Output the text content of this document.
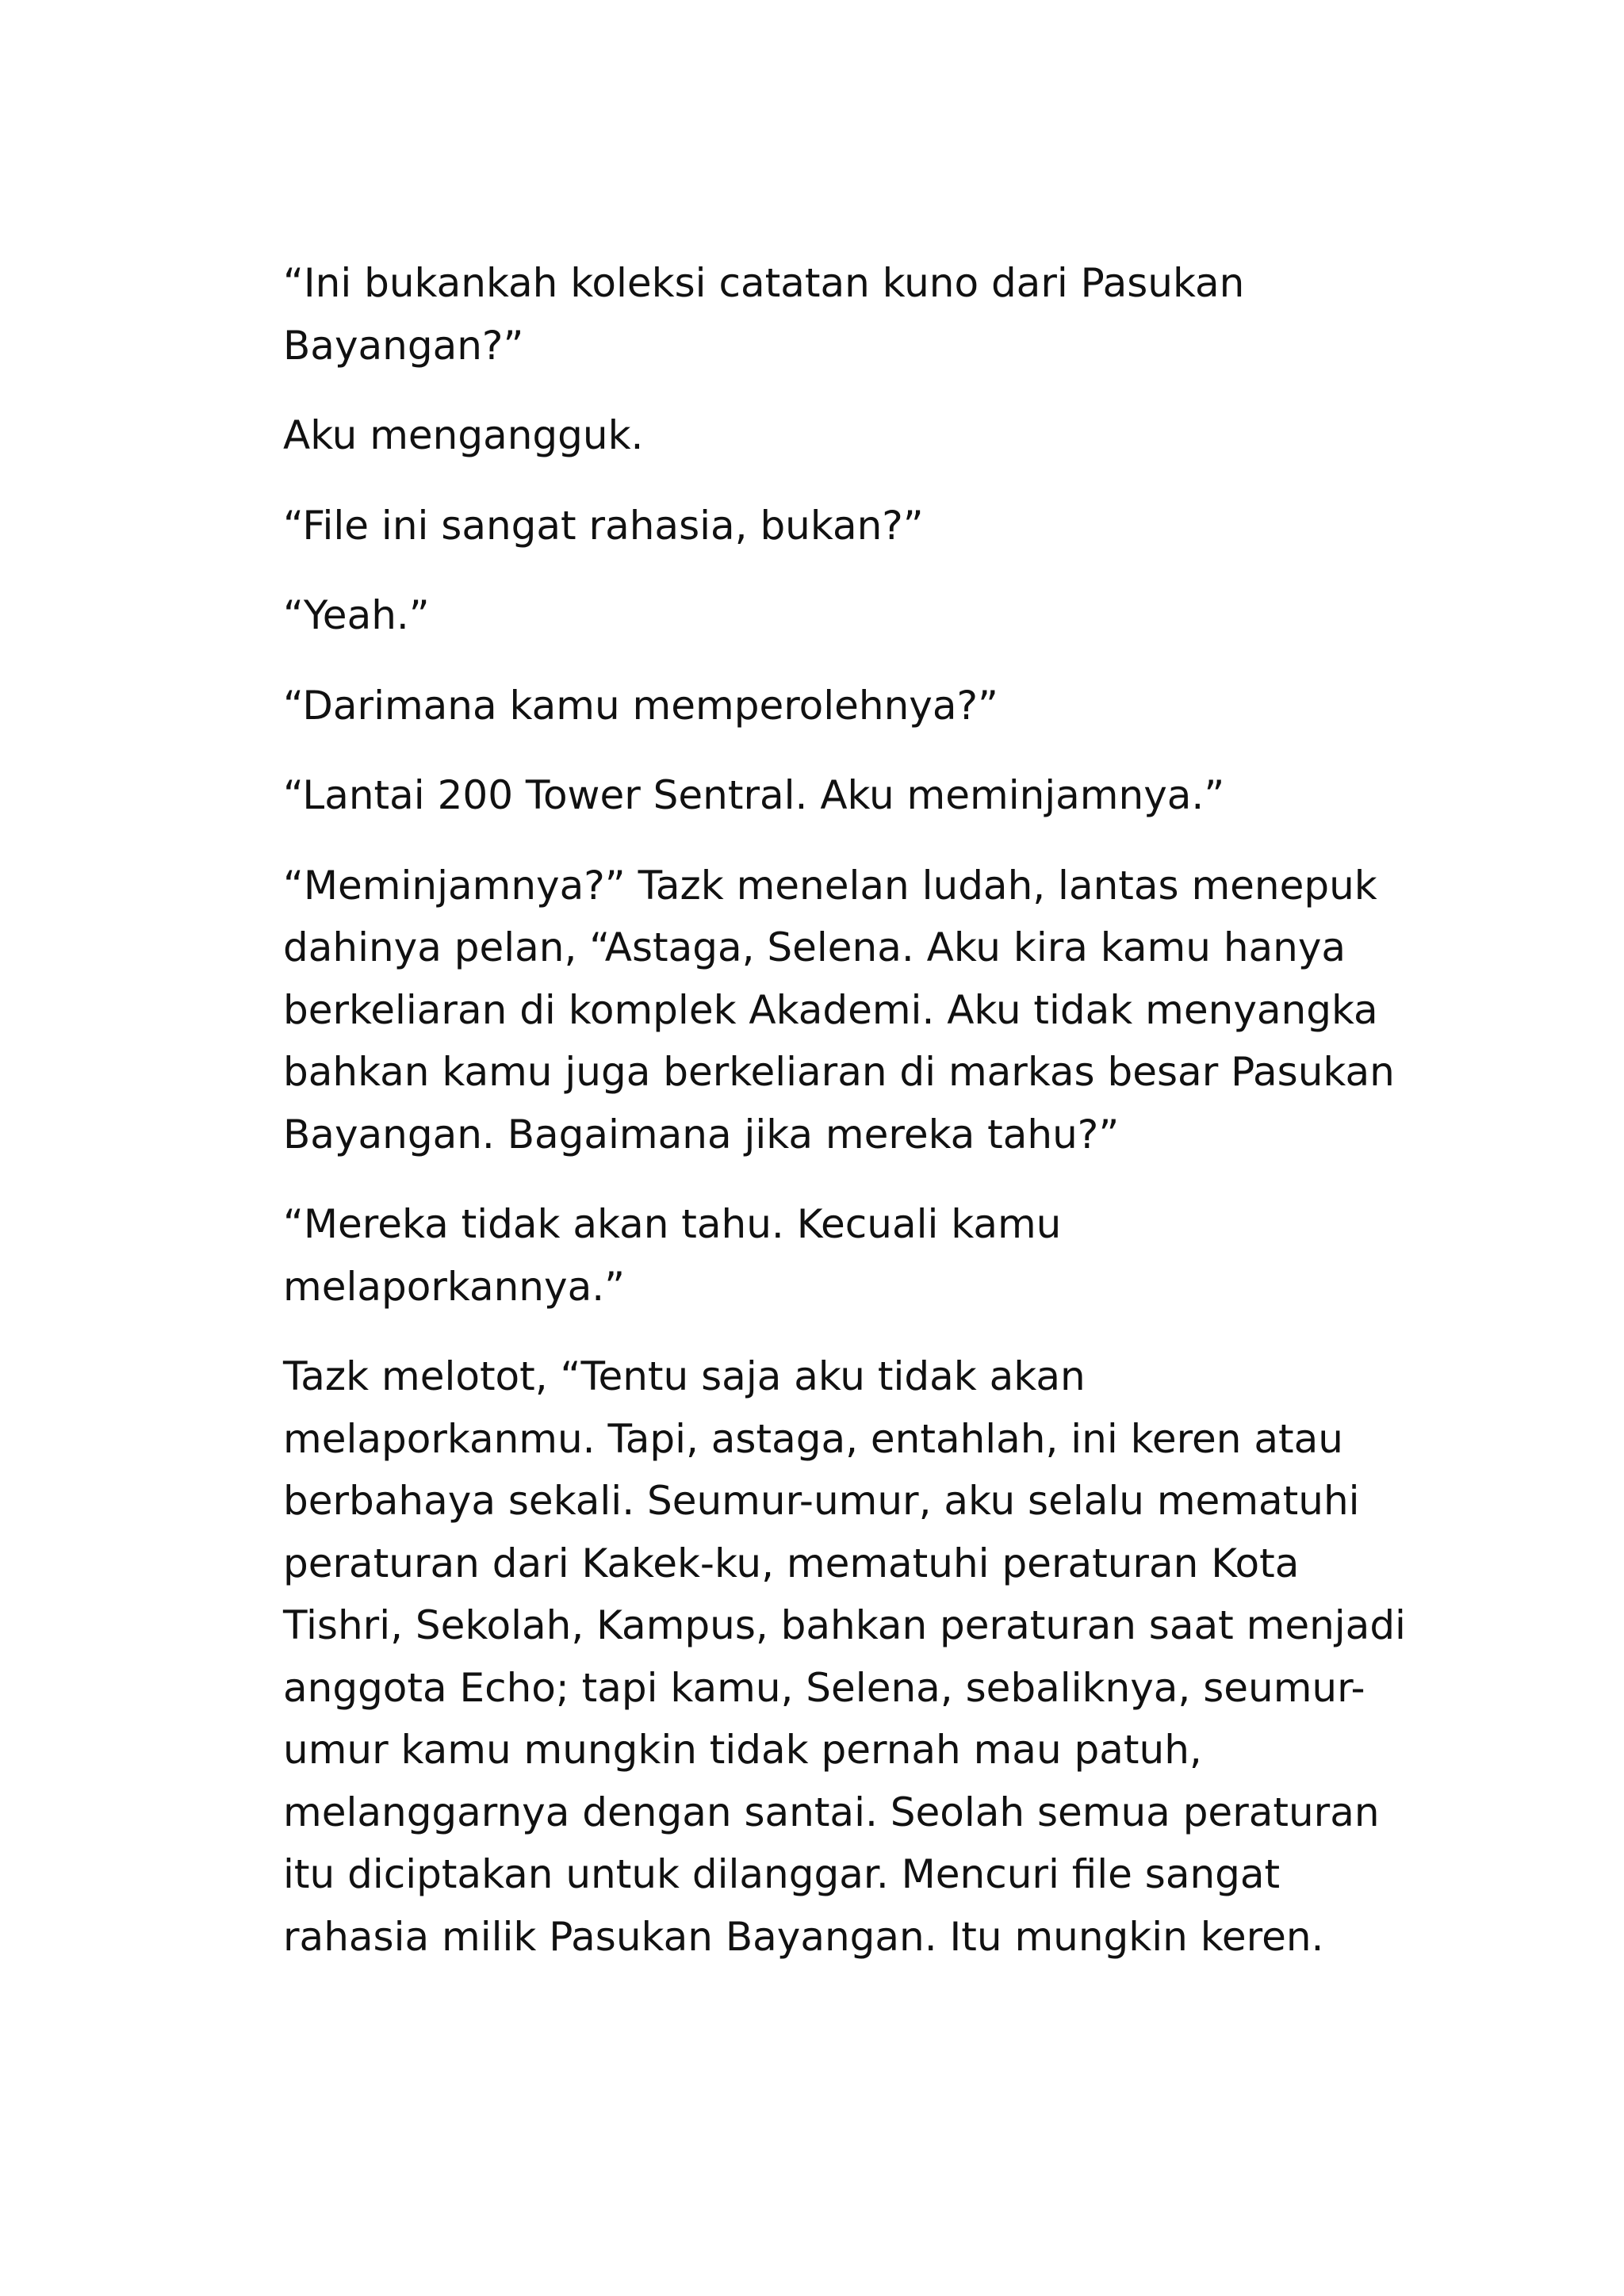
“Ini bukankah koleksi catatan kuno dari Pasukan
Bayangan?”

Aku mengangguk.

“File ini sangat rahasia, bukan?”

“Yeah.”

“Darimana kamu memperolehnya?”

“Lantai 200 Tower Sentral. Aku meminjamnya.”

“Meminjamnya?” Tazk menelan ludah, lantas menepuk
dahinya pelan, “Astaga, Selena. Aku kira kamu hanya
berkeliaran di komplek Akademi. Aku tidak menyangka
bahkan kamu juga berkeliaran di markas besar Pasukan
Bayangan. Bagaimana jika mereka tahu?”

“Mereka tidak akan tahu. Kecuali kamu
melaporkannya.”

Tazk melotot, “Tentu saja aku tidak akan
melaporkanmu. Tapi, astaga, entahlah, ini keren atau
berbahaya sekali. Seumur-umur, aku selalu mematuhi
peraturan dari Kakek-ku, mematuhi peraturan Kota
Tishri, Sekolah, Kampus, bahkan peraturan saat menjadi
anggota Echo; tapi kamu, Selena, sebaliknya, seumur-
umur kamu mungkin tidak pernah mau patuh,
melanggarnya dengan santai. Seolah semua peraturan
itu diciptakan untuk dilanggar. Mencuri file sangat
rahasia milik Pasukan Bayangan. Itu mungkin keren.
